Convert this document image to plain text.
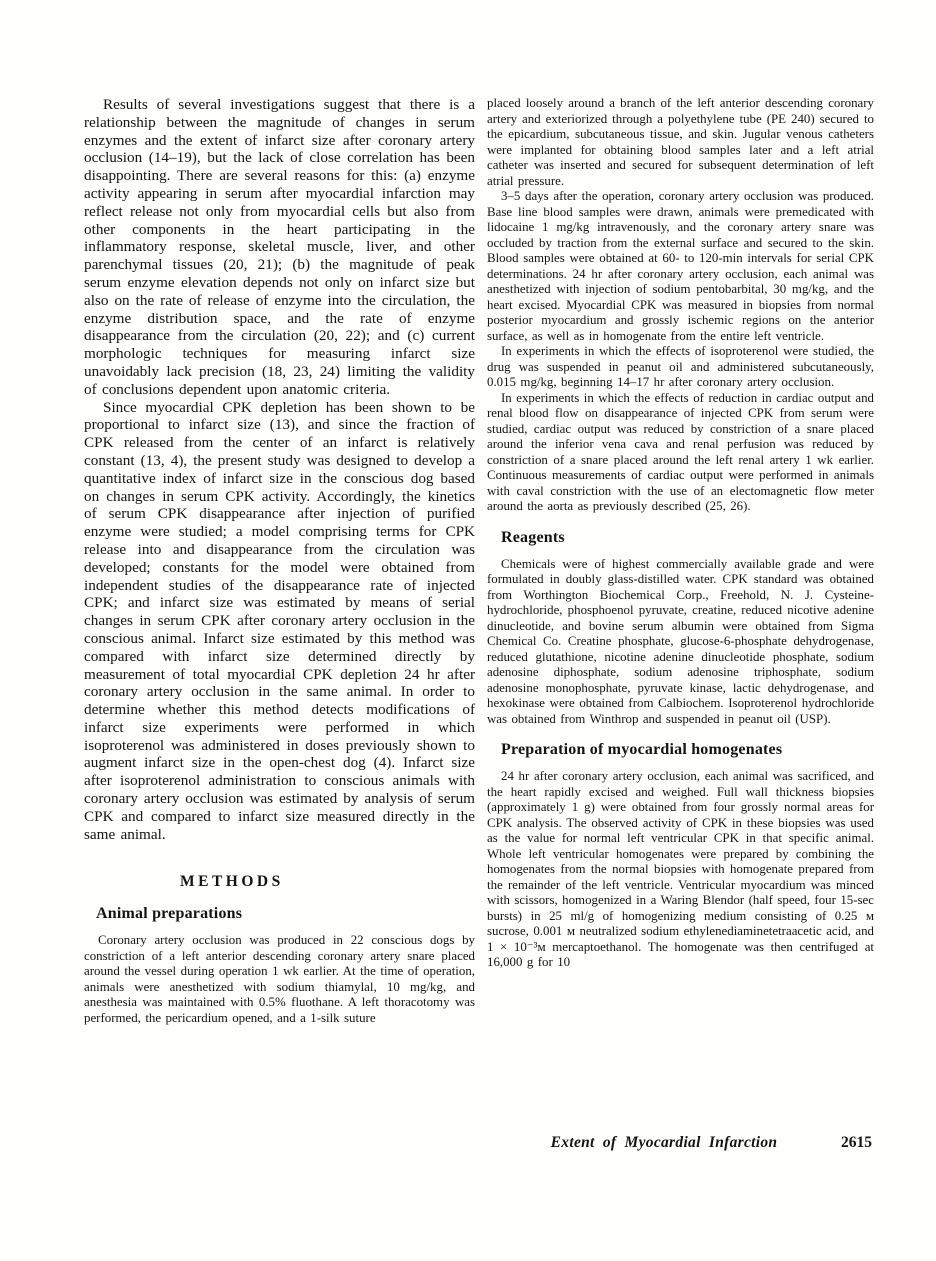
Results of several investigations suggest that there is a relationship between the magnitude of changes in serum enzymes and the extent of infarct size after coronary artery occlusion (14–19), but the lack of close correlation has been disappointing. There are several reasons for this: (a) enzyme activity appearing in serum after myocardial infarction may reflect release not only from myocardial cells but also from other components in the heart participating in the inflammatory response, skeletal muscle, liver, and other parenchymal tissues (20, 21); (b) the magnitude of peak serum enzyme elevation depends not only on infarct size but also on the rate of release of enzyme into the circulation, the enzyme distribution space, and the rate of enzyme disappearance from the circulation (20, 22); and (c) current morphologic techniques for measuring infarct size unavoidably lack precision (18, 23, 24) limiting the validity of conclusions dependent upon anatomic criteria.

Since myocardial CPK depletion has been shown to be proportional to infarct size (13), and since the fraction of CPK released from the center of an infarct is relatively constant (13, 4), the present study was designed to develop a quantitative index of infarct size in the conscious dog based on changes in serum CPK activity. Accordingly, the kinetics of serum CPK disappearance after injection of purified enzyme were studied; a model comprising terms for CPK release into and disappearance from the circulation was developed; constants for the model were obtained from independent studies of the disappearance rate of injected CPK; and infarct size was estimated by means of serial changes in serum CPK after coronary artery occlusion in the conscious animal. Infarct size estimated by this method was compared with infarct size determined directly by measurement of total myocardial CPK depletion 24 hr after coronary artery occlusion in the same animal. In order to determine whether this method detects modifications of infarct size experiments were performed in which isoproterenol was administered in doses previously shown to augment infarct size in the open-chest dog (4). Infarct size after isoproterenol administration to conscious animals with coronary artery occlusion was estimated by analysis of serum CPK and compared to infarct size measured directly in the same animal.

METHODS
Animal preparations

Coronary artery occlusion was produced in 22 conscious dogs by constriction of a left anterior descending coronary artery snare placed around the vessel during operation 1 wk earlier. At the time of operation, animals were anesthetized with sodium thiamylal, 10 mg/kg, and anesthesia was maintained with 0.5% fluothane. A left thoracotomy was performed, the pericardium opened, and a 1-silk suture

placed loosely around a branch of the left anterior descending coronary artery and exteriorized through a polyethylene tube (PE 240) secured to the epicardium, subcutaneous tissue, and skin. Jugular venous catheters were implanted for obtaining blood samples later and a left atrial catheter was inserted and secured for subsequent determination of left atrial pressure.

3–5 days after the operation, coronary artery occlusion was produced. Base line blood samples were drawn, animals were premedicated with lidocaine 1 mg/kg intravenously, and the coronary artery snare was occluded by traction from the external surface and secured to the skin. Blood samples were obtained at 60- to 120-min intervals for serial CPK determinations. 24 hr after coronary artery occlusion, each animal was anesthetized with injection of sodium pentobarbital, 30 mg/kg, and the heart excised. Myocardial CPK was measured in biopsies from normal posterior myocardium and grossly ischemic regions on the anterior surface, as well as in homogenate from the entire left ventricle.

In experiments in which the effects of isoproterenol were studied, the drug was suspended in peanut oil and administered subcutaneously, 0.015 mg/kg, beginning 14–17 hr after coronary artery occlusion.

In experiments in which the effects of reduction in cardiac output and renal blood flow on disappearance of injected CPK from serum were studied, cardiac output was reduced by constriction of a snare placed around the inferior vena cava and renal perfusion was reduced by constriction of a snare placed around the left renal artery 1 wk earlier. Continuous measurements of cardiac output were performed in animals with caval constriction with the use of an electomagnetic flow meter around the aorta as previously described (25, 26).

Reagents

Chemicals were of highest commercially available grade and were formulated in doubly glass-distilled water. CPK standard was obtained from Worthington Biochemical Corp., Freehold, N. J. Cysteine-hydrochloride, phosphoenol pyruvate, creatine, reduced nicotive adenine dinucleotide, and bovine serum albumin were obtained from Sigma Chemical Co. Creatine phosphate, glucose-6-phosphate dehydrogenase, reduced glutathione, nicotine adenine dinucleotide phosphate, sodium adenosine diphosphate, sodium adenosine triphosphate, sodium adenosine monophosphate, pyruvate kinase, lactic dehydrogenase, and hexokinase were obtained from Calbiochem. Isoproterenol hydrochloride was obtained from Winthrop and suspended in peanut oil (USP).

Preparation of myocardial homogenates

24 hr after coronary artery occlusion, each animal was sacrificed, and the heart rapidly excised and weighed. Full wall thickness biopsies (approximately 1 g) were obtained from four grossly normal areas for CPK analysis. The observed activity of CPK in these biopsies was used as the value for normal left ventricular CPK in that specific animal. Whole left ventricular homogenates were prepared by combining the homogenates from the normal biopsies with homogenate prepared from the remainder of the left ventricle. Ventricular myocardium was minced with scissors, homogenized in a Waring Blendor (half speed, four 15-sec bursts) in 25 ml/g of homogenizing medium consisting of 0.25 ᴍ sucrose, 0.001 ᴍ neutralized sodium ethylenediaminetetraacetic acid, and 1 × 10⁻³ᴍ mercaptoethanol. The homogenate was then centrifuged at 16,000 g for 10

Extent of Myocardial Infarction	2615
